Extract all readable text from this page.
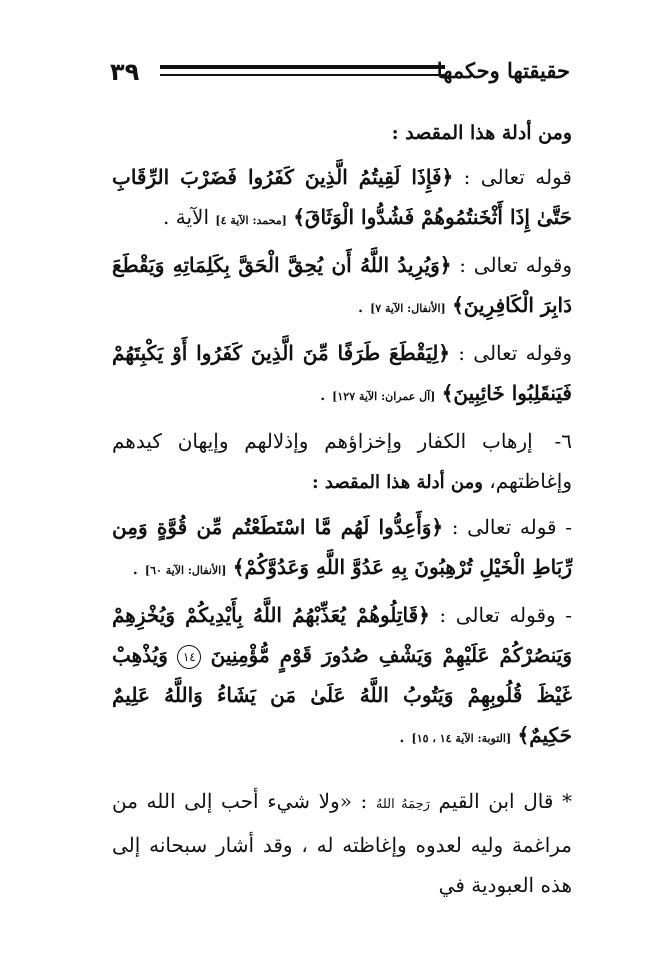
٣٩	حقيقتها وحكمها

ومن أدلة هذا المقصد :

قوله تعالى : ﴿فَإِذَا لَقِيتُمُ الَّذِينَ كَفَرُوا فَضَرْبَ الرِّقَابِ حَتَّىٰ إِذَا أَثْخَنتُمُوهُمْ فَشُدُّوا الْوَثَاقَ﴾ [محمد: الآية ٤] الآية .

وقوله تعالى : ﴿وَيُرِيدُ اللَّهُ أَن يُحِقَّ الْحَقَّ بِكَلِمَاتِهِ وَيَقْطَعَ دَابِرَ الْكَافِرِينَ﴾ [الأنفال: الآية ٧] .

وقوله تعالى : ﴿لِيَقْطَعَ طَرَفًا مِّنَ الَّذِينَ كَفَرُوا أَوْ يَكْبِتَهُمْ فَيَنقَلِبُوا خَائِبِينَ﴾ [آل عمران: الآية ١٢٧] .

٦- إرهاب الكفار وإخزاؤهم وإذلالهم وإيهان كيدهم وإغاظتهم، ومن أدلة هذا المقصد :

- قوله تعالى : ﴿وَأَعِدُّوا لَهُم مَّا اسْتَطَعْتُم مِّن قُوَّةٍ وَمِن رِّبَاطِ الْخَيْلِ تُرْهِبُونَ بِهِ عَدُوَّ اللَّهِ وَعَدُوَّكُمْ﴾ [الأنفال: الآية ٦٠] .

- وقوله تعالى : ﴿قَاتِلُوهُمْ يُعَذِّبْهُمُ اللَّهُ بِأَيْدِيكُمْ وَيُخْزِهِمْ وَيَنصُرْكُمْ عَلَيْهِمْ وَيَشْفِ صُدُورَ قَوْمٍ مُّؤْمِنِينَ ١٤ وَيُذْهِبْ غَيْظَ قُلُوبِهِمْ وَيَتُوبُ اللَّهُ عَلَىٰ مَن يَشَاءُ وَاللَّهُ عَلِيمٌ حَكِيمٌ﴾ [التوبة: الآية ١٤ ، ١٥] .

* قال ابن القيم رَحِمَهُ اللهُ : «ولا شيء أحب إلى الله من مراغمة وليه لعدوه وإغاظته له ، وقد أشار سبحانه إلى هذه العبودية في
